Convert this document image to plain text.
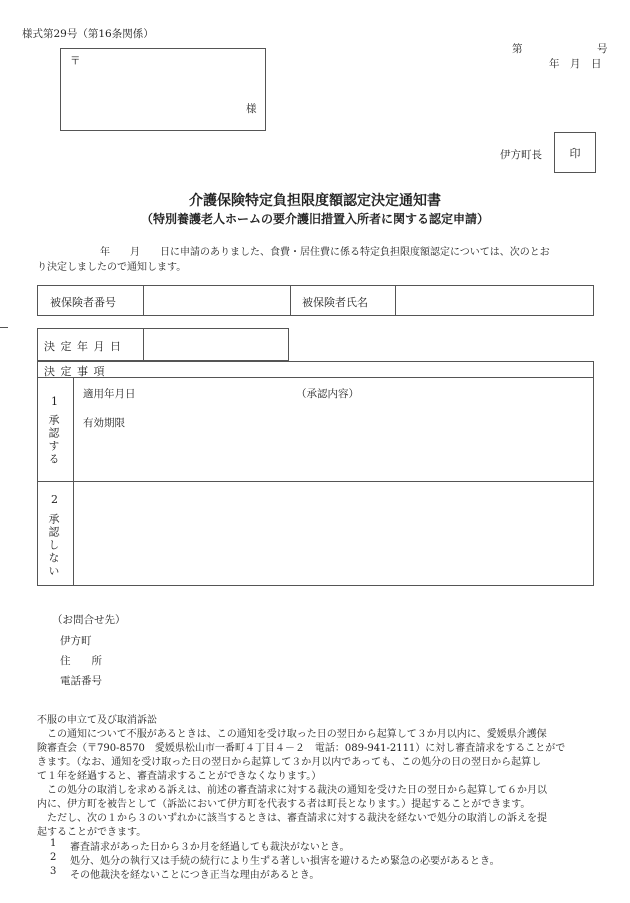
様式第29号（第16条関係）
第	号
年　月　日
〒
様
伊方町長	印
介護保険特定負担限度額認定決定通知書
（特別養護老人ホームの要介護旧措置入所者に関する認定申請）
年　　月　　日に申請のありました、食費・居住費に係る特定負担限度額認定については、次のとお
り決定しましたので通知します。
被保険者番号	被保険者氏名
決 定 年 月 日
決 定 事 項
1
承認する
適用年月日	（承認内容）
有効期限
2
承認しない
（お問合せ先）
伊方町
住　　所
電話番号
不服の申立て及び取消訴訟
この通知について不服があるときは、この通知を受け取った日の翌日から起算して３か月以内に、愛媛県介護保
険審査会（〒790-8570　愛媛県松山市一番町４丁目４－２　電話：089-941-2111）に対し審査請求をすることがで
きます。（なお、通知を受け取った日の翌日から起算して３か月以内であっても、この処分の日の翌日から起算し
て１年を経過すると、審査請求することができなくなります。）
この処分の取消しを求める訴えは、前述の審査請求に対する裁決の通知を受けた日の翌日から起算して６か月以
内に、伊方町を被告として（訴訟において伊方町を代表する者は町長となります。）提起することができます。
ただし、次の１から３のいずれかに該当するときは、審査請求に対する裁決を経ないで処分の取消しの訴えを提
起することができます。
1 審査請求があった日から３か月を経過しても裁決がないとき。
2 処分、処分の執行又は手続の続行により生ずる著しい損害を避けるため緊急の必要があるとき。
3 その他裁決を経ないことにつき正当な理由があるとき。
